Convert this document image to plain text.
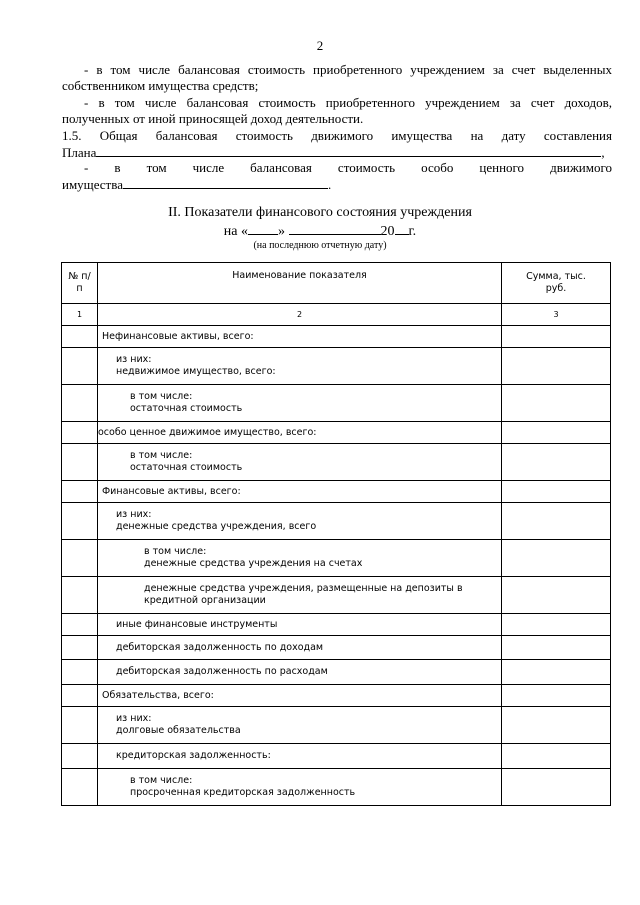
2
- в том числе балансовая стоимость приобретенного учреждением за счет выделенных
собственником имущества средств;
- в том числе балансовая стоимость приобретенного учреждением за счет доходов,
полученных от иной приносящей доход деятельности.
1.5. Общая балансовая стоимость движимого имущества на дату составления
Плана	,
- в том числе балансовая стоимость особо ценного движимого
имущества	.
II. Показатели финансового состояния учреждения
на « »	20 г.
(на последнюю отчетную дату)
№ п/п	Наименование показателя	Сумма, тыс. руб.

1	2	3

	Нефинансовые активы, всего:	

	из них:
недвижимое имущество, всего:	

	в том числе:
остаточная стоимость	

	особо ценное движимое имущество, всего:	

	в том числе:
остаточная стоимость	

	Финансовые активы, всего:	

	из них:
денежные средства учреждения, всего	

	в том числе:
денежные средства учреждения на счетах	

	денежные средства учреждения, размещенные на депозиты в
кредитной организации	

	иные финансовые инструменты	

	дебиторская задолженность по доходам	

	дебиторская задолженность по расходам	

	Обязательства, всего:	

	из них:
долговые обязательства	

	кредиторская задолженность:	

	в том числе:
просроченная кредиторская задолженность	
